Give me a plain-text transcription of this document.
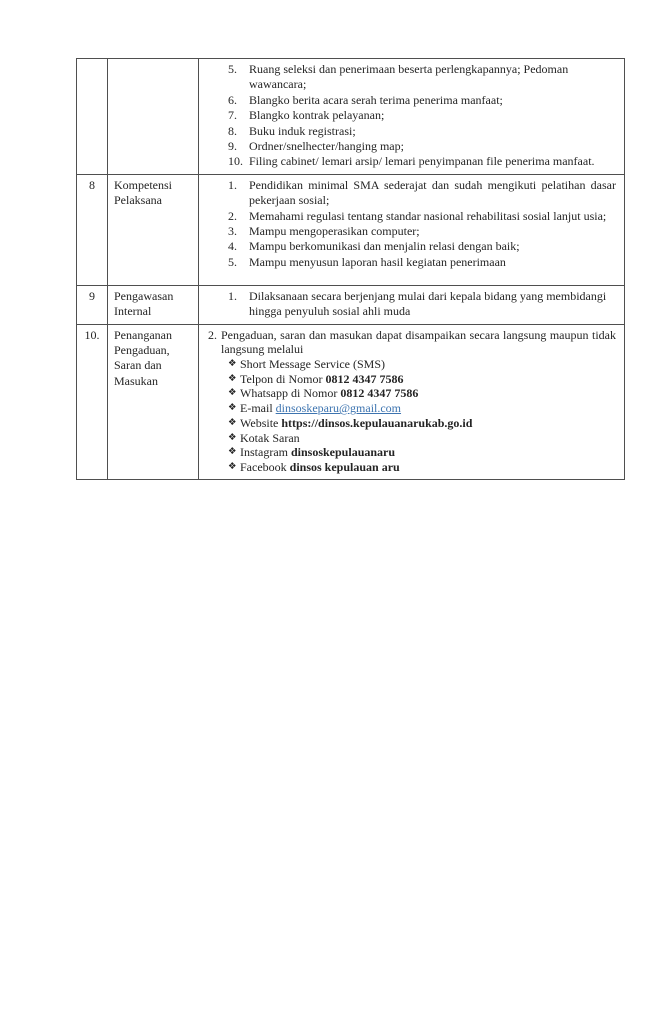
5.	Ruang seleksi dan penerimaan beserta perlengkapannya; Pedoman
wawancara;
6.	Blangko berita acara serah terima penerima manfaat;
7.	Blangko kontrak pelayanan;
8.	Buku induk registrasi;
9.	Ordner/snelhecter/hanging map;
10. Filing cabinet/ lemari arsip/ lemari penyimpanan file penerima manfaat.
8	Kompetensi Pelaksana
1.	Pendidikan minimal SMA sederajat dan sudah mengikuti pelatihan dasar
pekerjaan sosial;
2.	Memahami regulasi tentang standar nasional rehabilitasi sosial lanjut usia;
3.	Mampu mengoperasikan computer;
4.	Mampu berkomunikasi dan menjalin relasi dengan baik;
5.	Mampu menyusun laporan hasil kegiatan penerimaan
9	Pengawasan Internal
1.	Dilaksanaan secara berjenjang mulai dari kepala bidang yang membidangi
hingga penyuluh sosial ahli muda
10.	Penanganan Pengaduan, Saran dan Masukan
2. Pengaduan, saran dan masukan dapat disampaikan secara langsung maupun tidak
langsung melalui
❖ Short Message Service (SMS)
❖ Telpon di Nomor 0812 4347 7586
❖ Whatsapp di Nomor 0812 4347 7586
❖ E-mail dinsoskeparu@gmail.com
❖ Website https://dinsos.kepulauanarukab.go.id
❖ Kotak Saran
❖ Instagram dinsoskepulauanaru
❖ Facebook dinsos kepulauan aru
